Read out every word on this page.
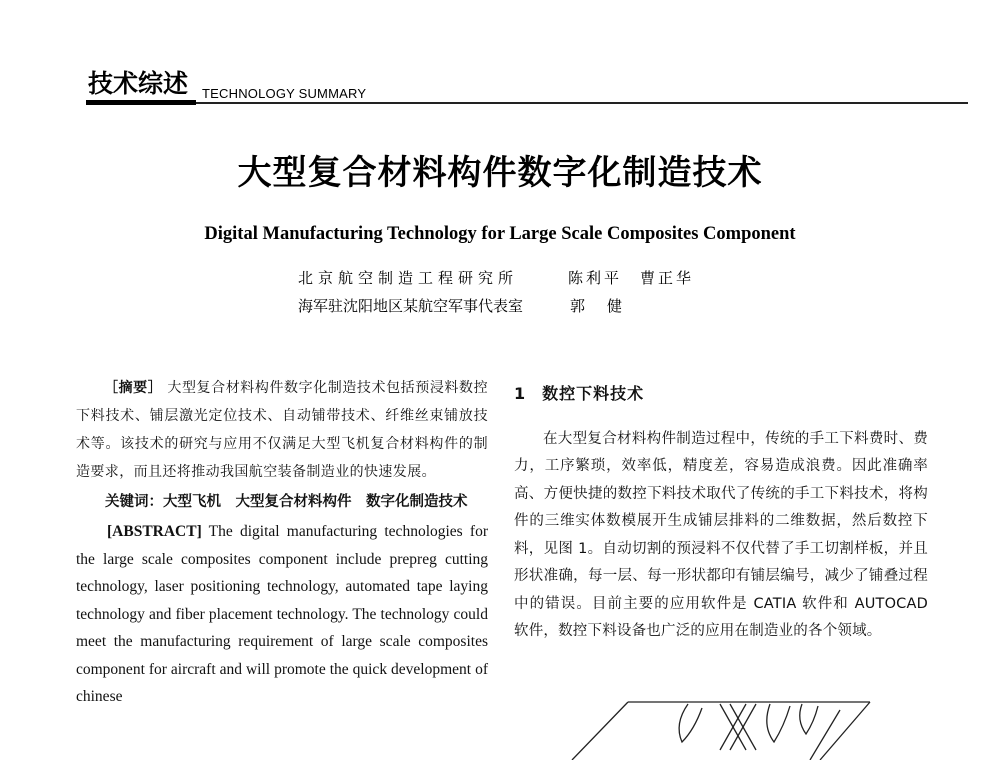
技术综述 TECHNOLOGY SUMMARY
大型复合材料构件数字化制造技术
Digital Manufacturing Technology for Large Scale Composites Component
北京航空制造工程研究所	陈利平　曹正华
海军驻沈阳地区某航空军事代表室	郭健

［摘要］ 大型复合材料构件数字化制造技术包括预浸料数控下料技术、铺层激光定位技术、自动铺带技术、纤维丝束铺放技术等。该技术的研究与应用不仅满足大型飞机复合材料构件的制造要求，而且还将推动我国航空装备制造业的快速发展。

关键词：大型飞机　大型复合材料构件　数字化制造技术

[ABSTRACT] The digital manufacturing technologies for the large scale composites component include prepreg cutting technology, laser positioning technology, automated tape laying technology and fiber placement technology. The technology could meet the manufacturing requirement of large scale composites component for aircraft and will promote the quick development of chinese

1 数控下料技术

在大型复合材料构件制造过程中，传统的手工下料费时、费力，工序繁琐，效率低，精度差，容易造成浪费。因此准确率高、方便快捷的数控下料技术取代了传统的手工下料技术，将构件的三维实体数模展开生成铺层排料的二维数据，然后数控下料，见图 1。自动切割的预浸料不仅代替了手工切割样板，并且形状准确，每一层、每一形状都印有铺层编号，减少了铺叠过程中的错误。目前主要的应用软件是 CATIA 软件和 AUTOCAD 软件，数控下料设备也广泛的应用在制造业的各个领域。
